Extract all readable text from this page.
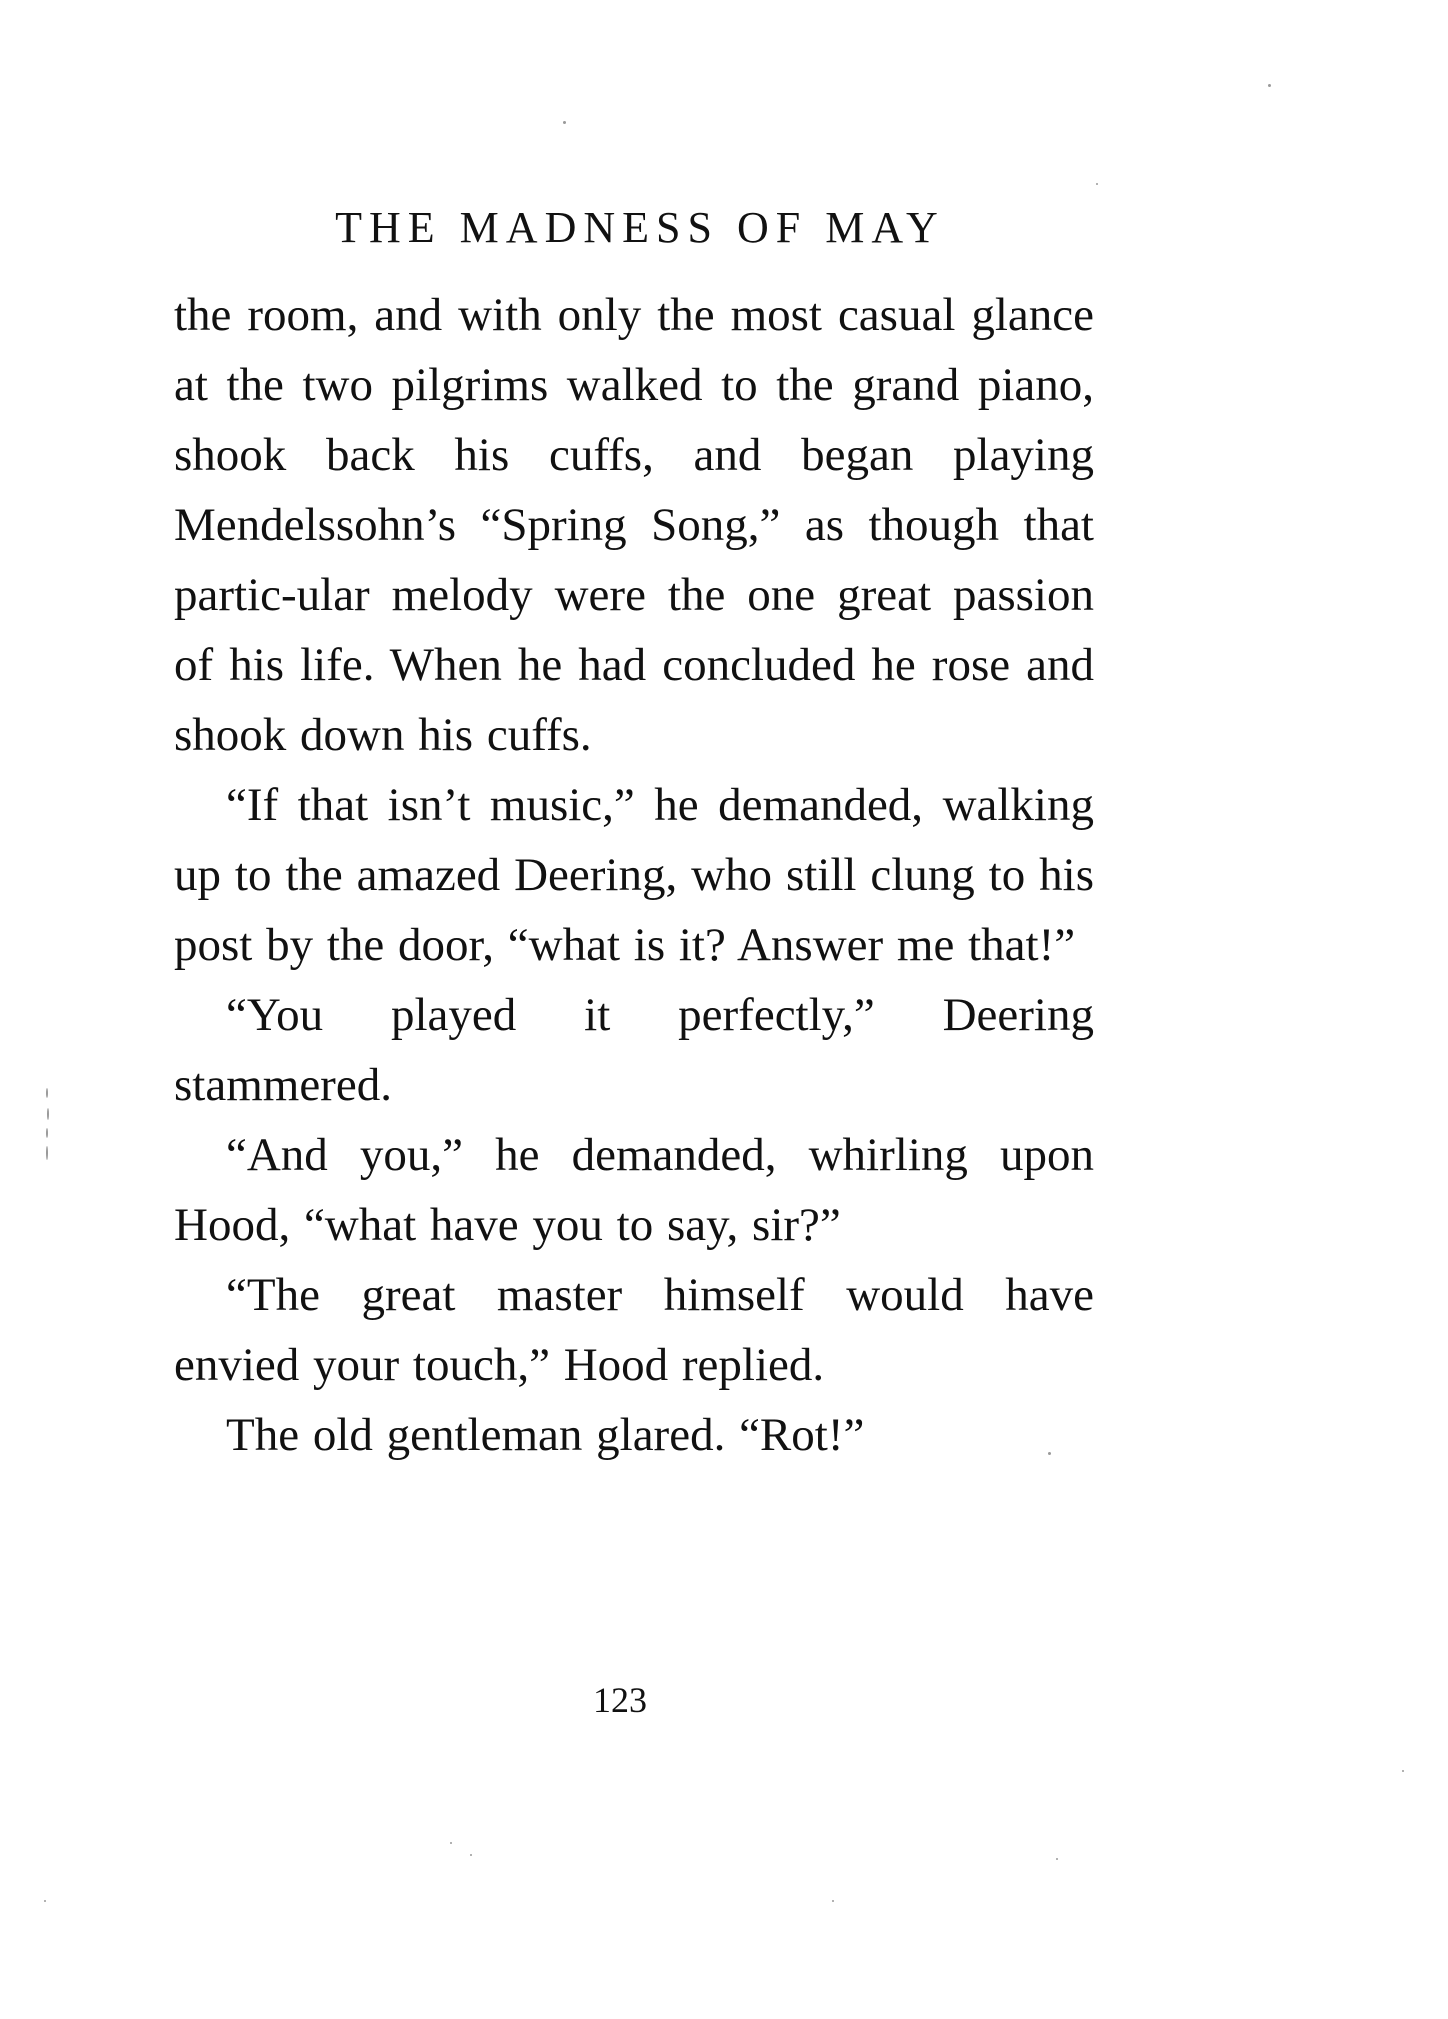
THE MADNESS OF MAY

the room, and with only the most casual glance at the two pilgrims walked to the grand piano, shook back his cuffs, and began playing Mendelssohn’s “Spring Song,” as though that partic-ular melody were the one great passion of his life. When he had concluded he rose and shook down his cuffs.

“If that isn’t music,” he demanded, walking up to the amazed Deering, who still clung to his post by the door, “what is it? Answer me that!”

“You played it perfectly,” Deering stammered.

“And you,” he demanded, whirling upon Hood, “what have you to say, sir?”

“The great master himself would have envied your touch,” Hood replied.

The old gentleman glared. “Rot!”

123
